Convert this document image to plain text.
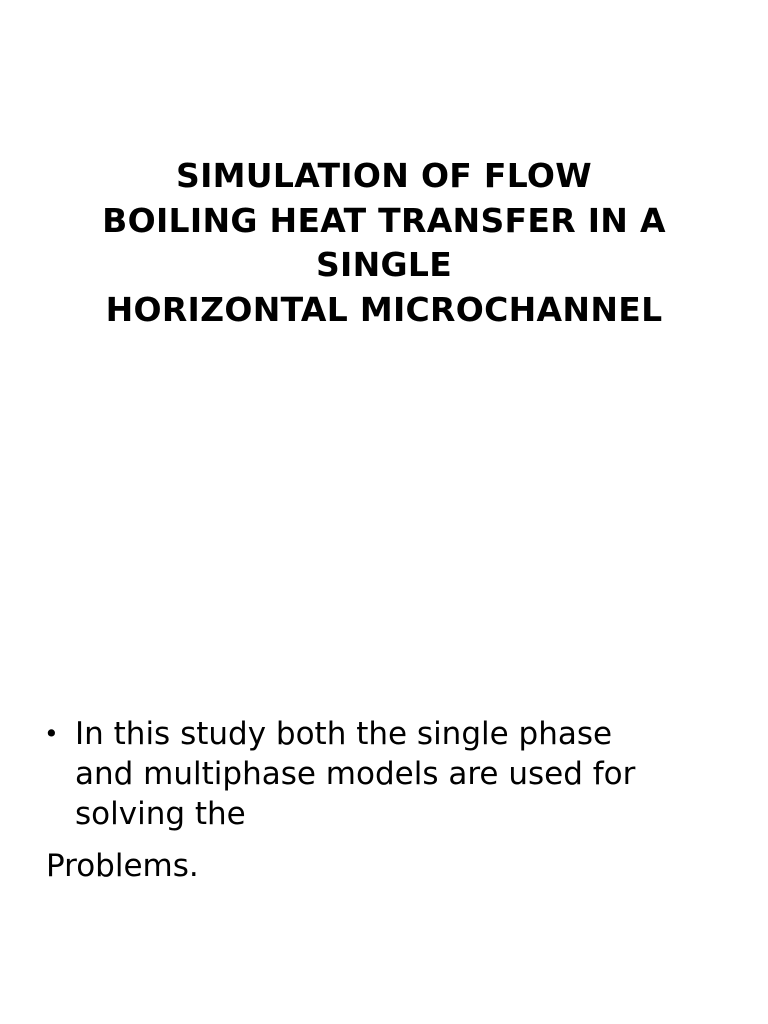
SIMULATION OF FLOW
BOILING HEAT TRANSFER IN A
SINGLE
HORIZONTAL MICROCHANNEL
• In this study both the single phase
and multiphase models are used for
solving the
Problems.
